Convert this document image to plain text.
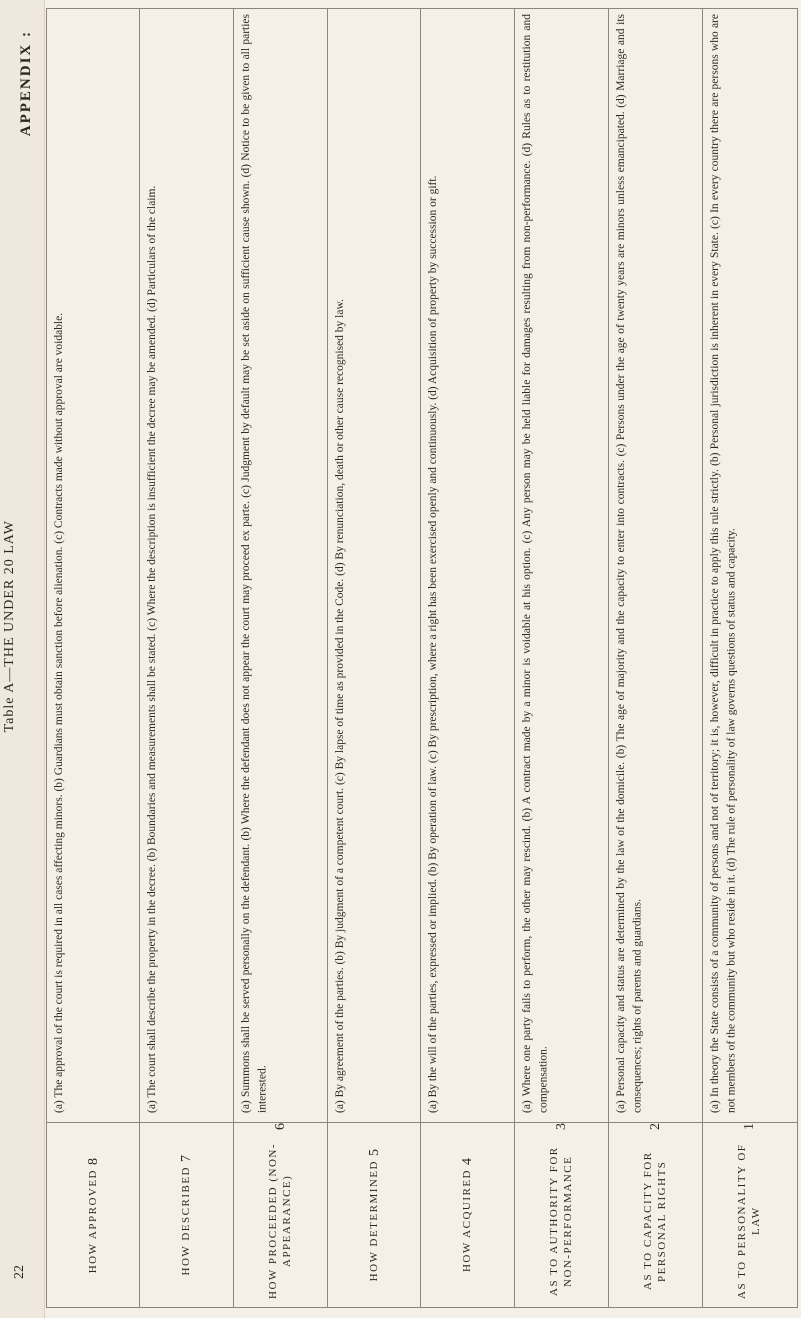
APPENDIX :
Table A—THE UNDER 20 LAW
22

(a) The approval of the court is required in all cases affecting minors. (b) Guardians must obtain sanction before alienation. (c) Contracts made without approval are voidable.

8
HOW APPROVED

(a) The court shall describe the property in the decree. (b) Boundaries and measurements shall be stated. (c) Where the description is insufficient the decree may be amended. (d) Particulars of the claim.

7
HOW DESCRIBED

(a) Summons shall be served personally on the defendant. (b) Where the defendant does not appear the court may proceed ex parte. (c) Judgment by default may be set aside on sufficient cause shown. (d) Notice to be given to all parties interested.

6
HOW PROCEEDED (NON-APPEARANCE)

(a) By agreement of the parties. (b) By judgment of a competent court. (c) By lapse of time as provided in the Code. (d) By renunciation, death or other cause recognised by law.

5
HOW DETERMINED

(a) By the will of the parties, expressed or implied. (b) By operation of law. (c) By prescription, where a right has been exercised openly and continuously. (d) Acquisition of property by succession or gift.

4
HOW ACQUIRED

(a) Where one party fails to perform, the other may rescind. (b) A contract made by a minor is voidable at his option. (c) Any person may be held liable for damages resulting from non-performance. (d) Rules as to restitution and compensation.

3
AS TO AUTHORITY FOR NON-PERFORMANCE

(a) Personal capacity and status are determined by the law of the domicile. (b) The age of majority and the capacity to enter into contracts. (c) Persons under the age of twenty years are minors unless emancipated. (d) Marriage and its consequences; rights of parents and guardians.

2
AS TO CAPACITY FOR PERSONAL RIGHTS

(a) In theory the State consists of a community of persons and not of territory; it is, however, difficult in practice to apply this rule strictly. (b) Personal jurisdiction is inherent in every State. (c) In every country there are persons who are not members of the community but who reside in it. (d) The rule of personality of law governs questions of status and capacity.

1
AS TO PERSONALITY OF LAW
